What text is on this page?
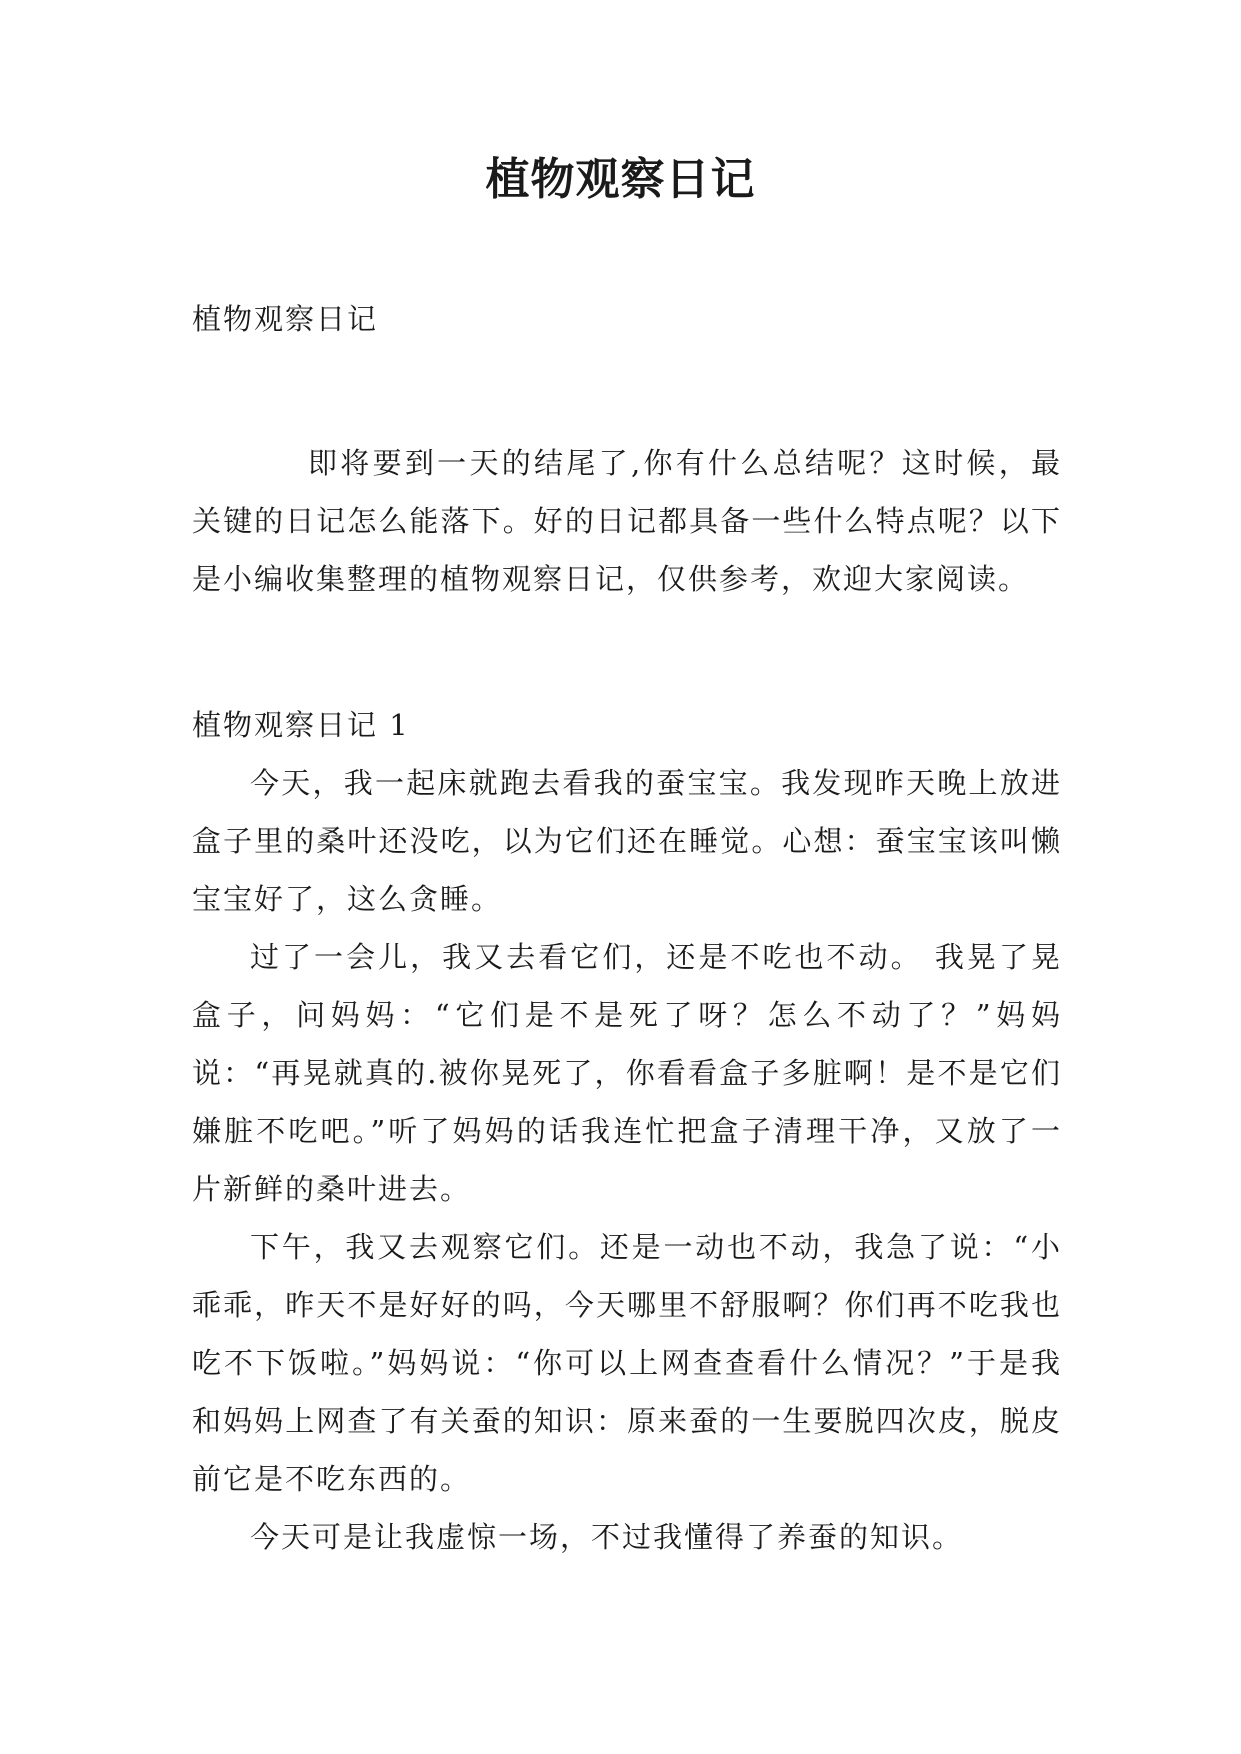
植物观察日记

植物观察日记

即将要到一天的结尾了,你有什么总结呢？这时候，最关键的日记怎么能落下。好的日记都具备一些什么特点呢？以下是小编收集整理的植物观察日记，仅供参考，欢迎大家阅读。

植物观察日记 1

今天，我一起床就跑去看我的蚕宝宝。我发现昨天晚上放进盒子里的桑叶还没吃，以为它们还在睡觉。心想：蚕宝宝该叫懒宝宝好了，这么贪睡。

过了一会儿，我又去看它们，还是不吃也不动。 我晃了晃盒子，问妈妈：“它们是不是死了呀？怎么不动了？”妈妈说：“再晃就真的.被你晃死了，你看看盒子多脏啊！是不是它们嫌脏不吃吧。”听了妈妈的话我连忙把盒子清理干净，又放了一片新鲜的桑叶进去。

下午，我又去观察它们。还是一动也不动，我急了说：“小乖乖，昨天不是好好的吗，今天哪里不舒服啊？你们再不吃我也吃不下饭啦。”妈妈说：“你可以上网查查看什么情况？”于是我和妈妈上网查了有关蚕的知识：原来蚕的一生要脱四次皮，脱皮前它是不吃东西的。

今天可是让我虚惊一场，不过我懂得了养蚕的知识。
